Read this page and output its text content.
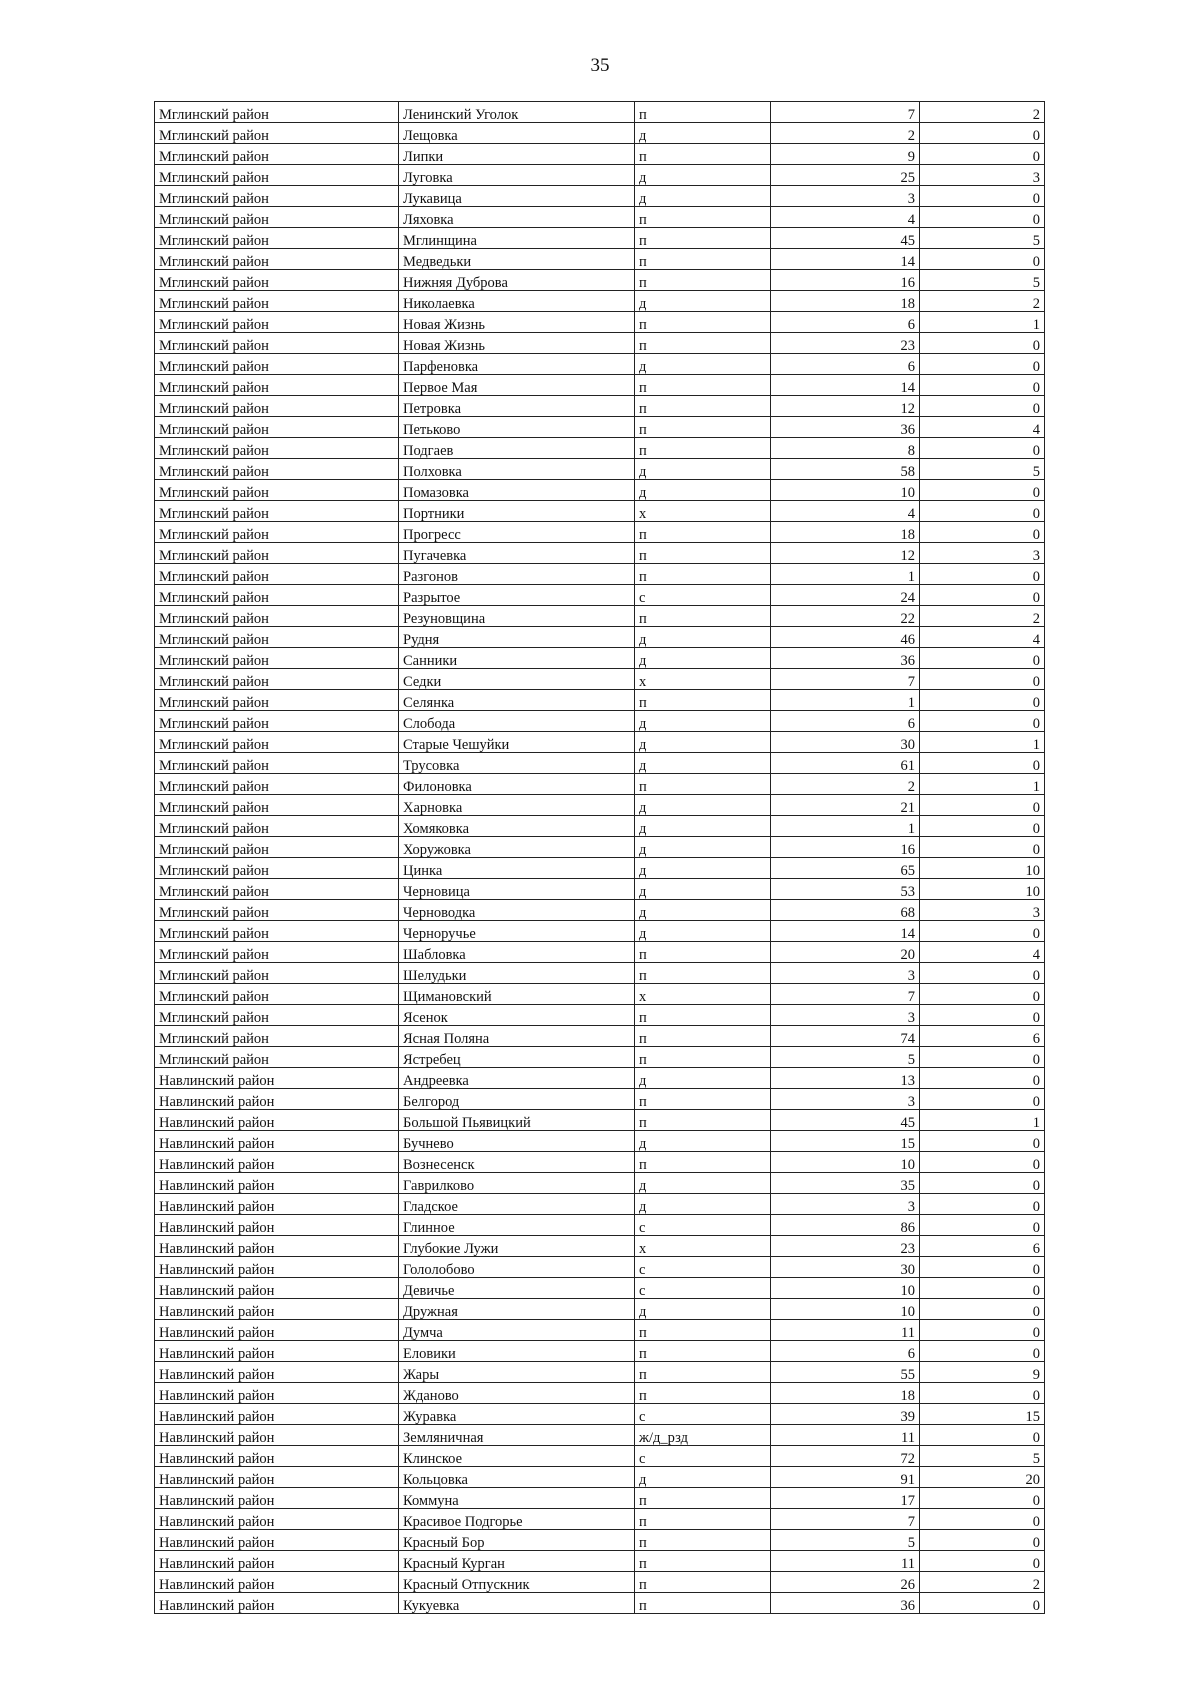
35
Мглинский район	Ленинский Уголок	п	7	2
Мглинский район	Лещовка	д	2	0
Мглинский район	Липки	п	9	0
Мглинский район	Луговка	д	25	3
Мглинский район	Лукавица	д	3	0
Мглинский район	Ляховка	п	4	0
Мглинский район	Мглинщина	п	45	5
Мглинский район	Медведьки	п	14	0
Мглинский район	Нижняя Дуброва	п	16	5
Мглинский район	Николаевка	д	18	2
Мглинский район	Новая Жизнь	п	6	1
Мглинский район	Новая Жизнь	п	23	0
Мглинский район	Парфеновка	д	6	0
Мглинский район	Первое Мая	п	14	0
Мглинский район	Петровка	п	12	0
Мглинский район	Петьково	п	36	4
Мглинский район	Подгаев	п	8	0
Мглинский район	Полховка	д	58	5
Мглинский район	Помазовка	д	10	0
Мглинский район	Портники	х	4	0
Мглинский район	Прогресс	п	18	0
Мглинский район	Пугачевка	п	12	3
Мглинский район	Разгонов	п	1	0
Мглинский район	Разрытое	с	24	0
Мглинский район	Резуновщина	п	22	2
Мглинский район	Рудня	д	46	4
Мглинский район	Санники	д	36	0
Мглинский район	Седки	х	7	0
Мглинский район	Селянка	п	1	0
Мглинский район	Слобода	д	6	0
Мглинский район	Старые Чешуйки	д	30	1
Мглинский район	Трусовка	д	61	0
Мглинский район	Филоновка	п	2	1
Мглинский район	Харновка	д	21	0
Мглинский район	Хомяковка	д	1	0
Мглинский район	Хоружовка	д	16	0
Мглинский район	Цинка	д	65	10
Мглинский район	Черновица	д	53	10
Мглинский район	Черноводка	д	68	3
Мглинский район	Черноручье	д	14	0
Мглинский район	Шабловка	п	20	4
Мглинский район	Шелудьки	п	3	0
Мглинский район	Щимановский	х	7	0
Мглинский район	Ясенок	п	3	0
Мглинский район	Ясная Поляна	п	74	6
Мглинский район	Ястребец	п	5	0
Навлинский район	Андреевка	д	13	0
Навлинский район	Белгород	п	3	0
Навлинский район	Большой Пьявицкий	п	45	1
Навлинский район	Бучнево	д	15	0
Навлинский район	Вознесенск	п	10	0
Навлинский район	Гаврилково	д	35	0
Навлинский район	Гладское	д	3	0
Навлинский район	Глинное	с	86	0
Навлинский район	Глубокие Лужи	х	23	6
Навлинский район	Гололобово	с	30	0
Навлинский район	Девичье	с	10	0
Навлинский район	Дружная	д	10	0
Навлинский район	Думча	п	11	0
Навлинский район	Еловики	п	6	0
Навлинский район	Жары	п	55	9
Навлинский район	Жданово	п	18	0
Навлинский район	Журавка	с	39	15
Навлинский район	Земляничная	ж/д_рзд	11	0
Навлинский район	Клинское	с	72	5
Навлинский район	Кольцовка	д	91	20
Навлинский район	Коммуна	п	17	0
Навлинский район	Красивое Подгорье	п	7	0
Навлинский район	Красный Бор	п	5	0
Навлинский район	Красный Курган	п	11	0
Навлинский район	Красный Отпускник	п	26	2
Навлинский район	Кукуевка	п	36	0
